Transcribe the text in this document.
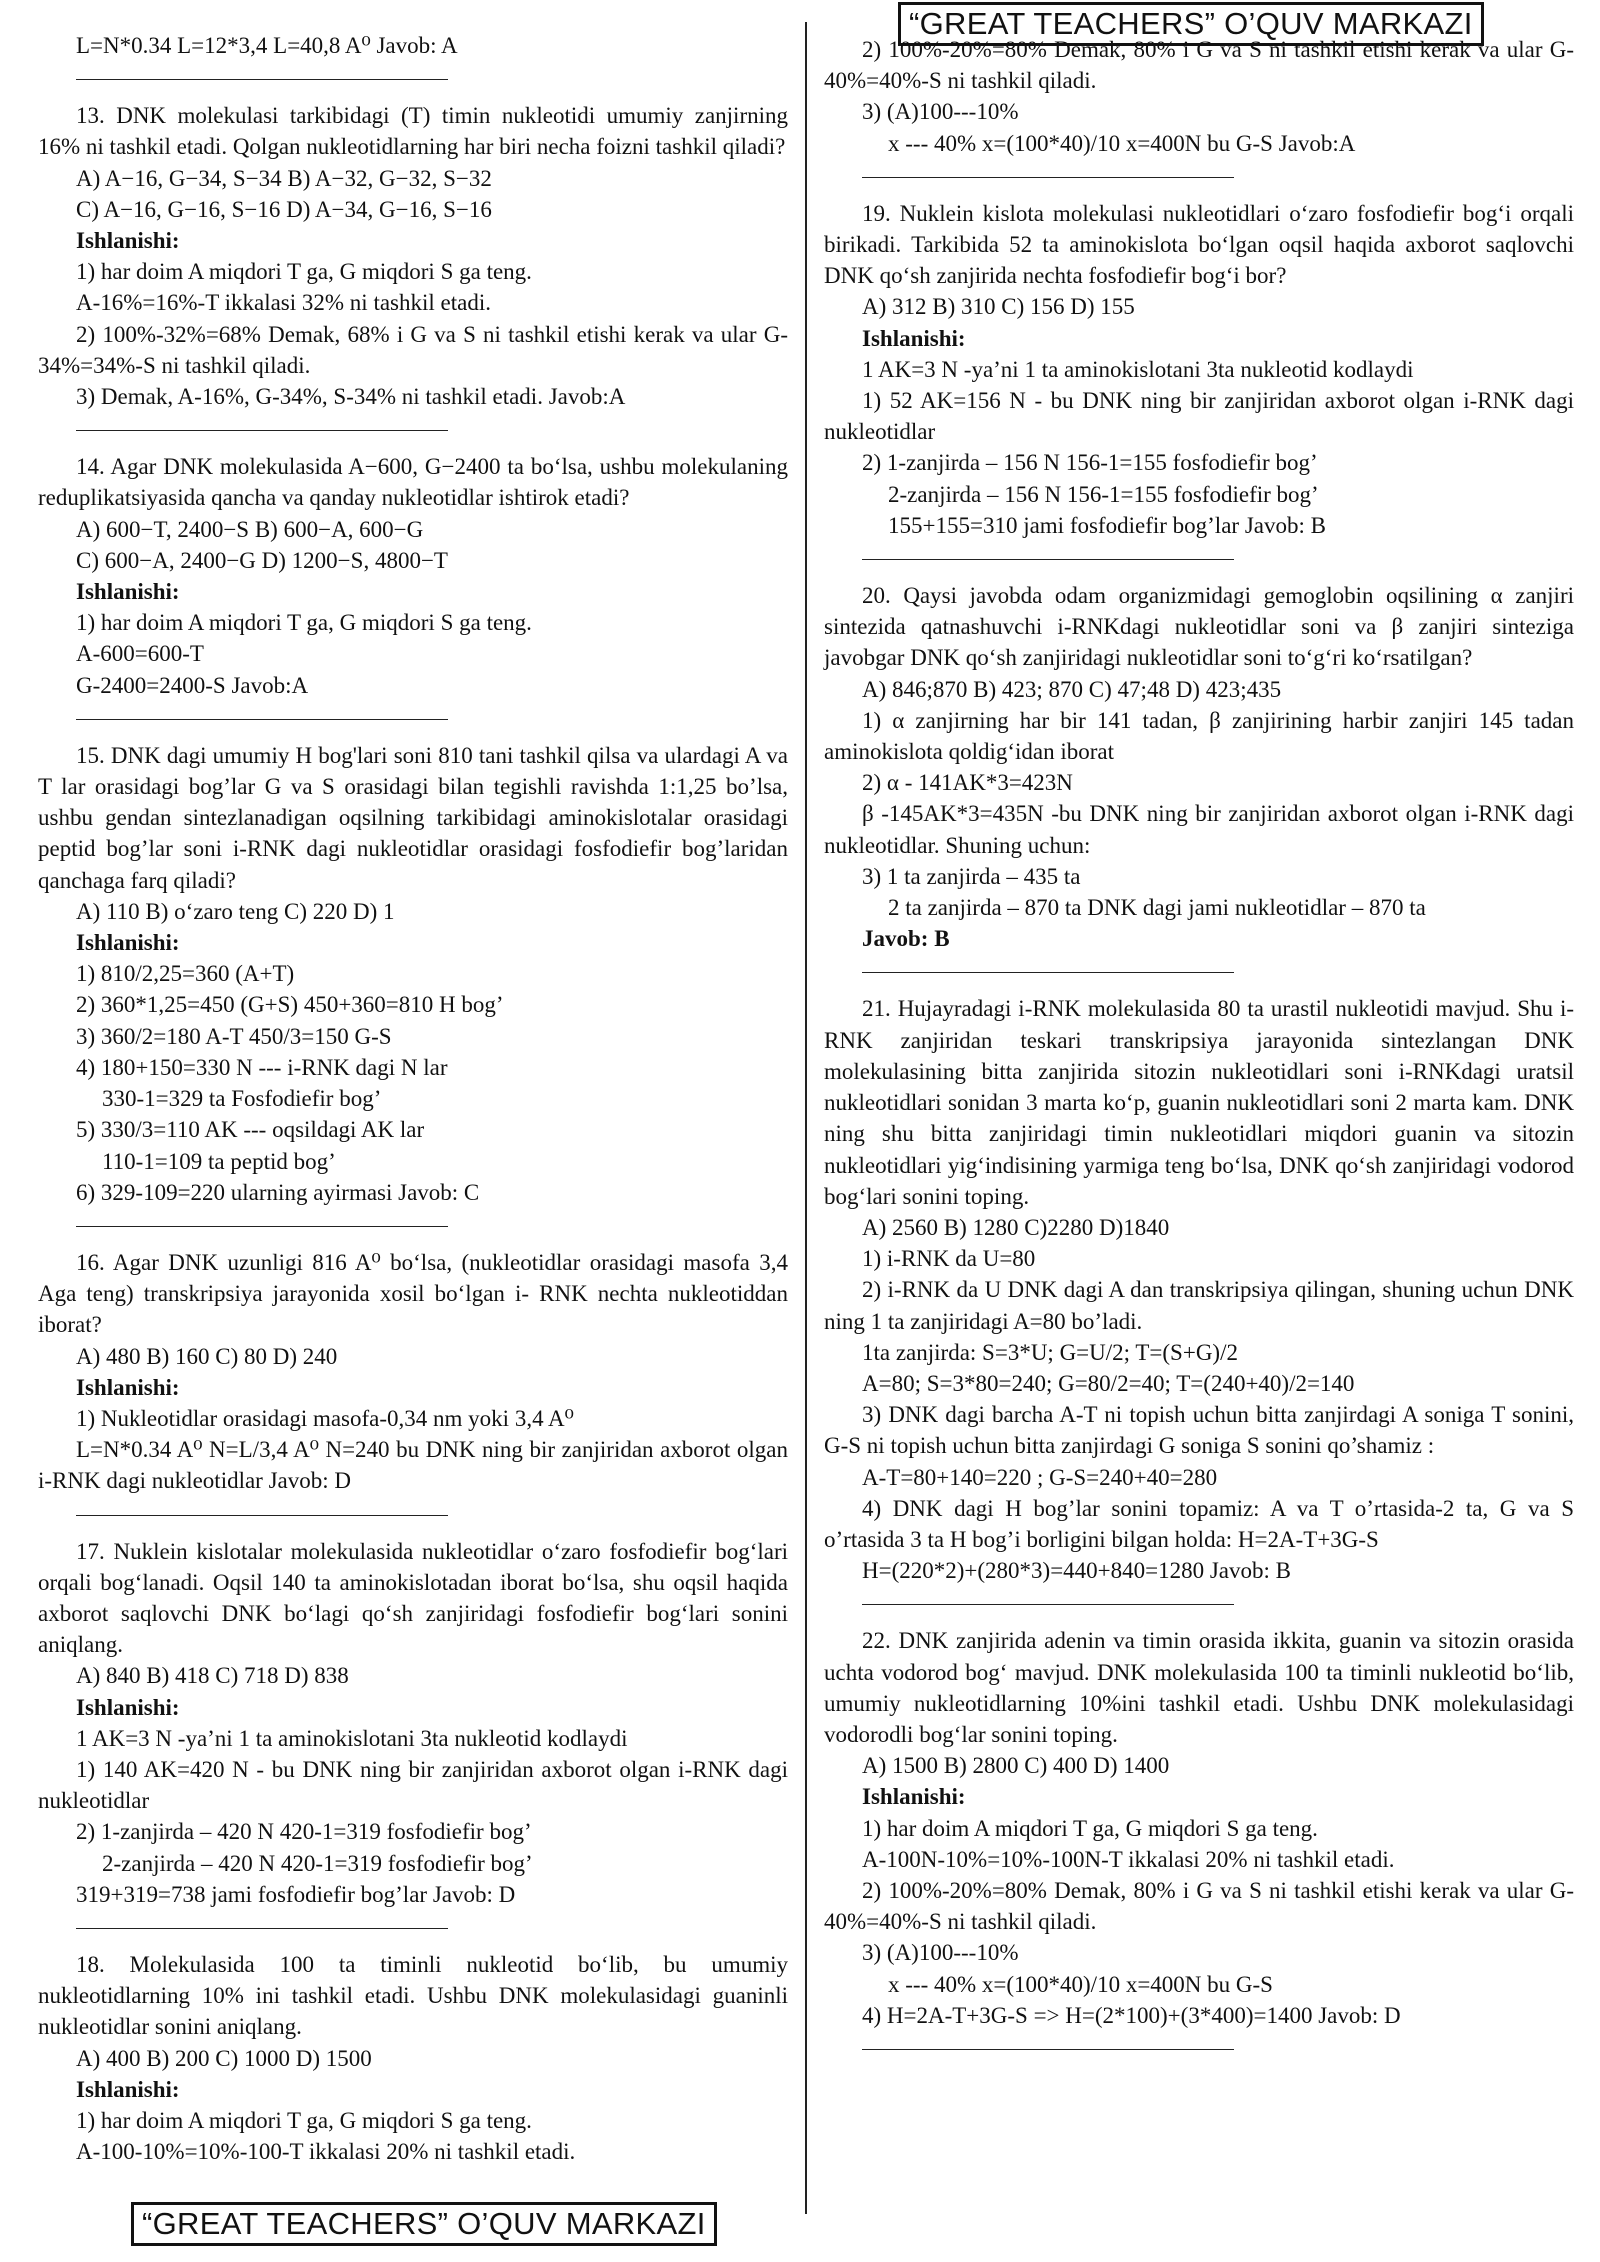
“GREAT TEACHERS” O’QUV MARKAZI

L=N*0.34 L=12*3,4 L=40,8 A⁰ Javob: A

13. DNK molekulasi tarkibidagi (T) timin nukleotidi umumiy zanjirning 16% ni tashkil etadi. Qolgan nukleotidlarning har biri necha foizni tashkil qiladi?

A) A−16, G−34, S−34 B) A−32, G−32, S−32

C) A−16, G−16, S−16 D) A−34, G−16, S−16

Ishlanishi:

1) har doim A miqdori T ga, G miqdori S ga teng.

A-16%=16%-T ikkalasi 32% ni tashkil etadi.

2) 100%-32%=68% Demak, 68% i G va S ni tashkil etishi kerak va ular G-34%=34%-S ni tashkil qiladi.

3) Demak, A-16%, G-34%, S-34% ni tashkil etadi. Javob:A

14. Agar DNK molekulasida A−600, G−2400 ta bo‘lsa, ushbu molekulaning reduplikatsiyasida qancha va qanday nukleotidlar ishtirok etadi?

A) 600−T, 2400−S B) 600−A, 600−G

C) 600−A, 2400−G D) 1200−S, 4800−T

Ishlanishi:

1) har doim A miqdori T ga, G miqdori S ga teng.

A-600=600-T

G-2400=2400-S Javob:A

15. DNK dagi umumiy H bog'lari soni 810 tani tashkil qilsa va ulardagi A va T lar orasidagi bog’lar G va S orasidagi bilan tegishli ravishda 1:1,25 bo’lsa, ushbu gendan sintezlanadigan oqsilning tarkibidagi aminokislotalar orasidagi peptid bog’lar soni i-RNK dagi nukleotidlar orasidagi fosfodiefir bog’laridan qanchaga farq qiladi?

A) 110 B) o‘zaro teng C) 220 D) 1

Ishlanishi:

1) 810/2,25=360 (A+T)

2) 360*1,25=450 (G+S) 450+360=810 H bog’

3) 360/2=180 A-T 450/3=150 G-S

4) 180+150=330 N --- i-RNK dagi N lar

330-1=329 ta Fosfodiefir bog’

5) 330/3=110 AK --- oqsildagi AK lar

110-1=109 ta peptid bog’

6) 329-109=220 ularning ayirmasi Javob: C

16. Agar DNK uzunligi 816 A⁰ bo‘lsa, (nukleotidlar orasidagi masofa 3,4 Aga teng) transkripsiya jarayonida xosil bo‘lgan i- RNK nechta nukleotiddan iborat?

A) 480 B) 160 C) 80 D) 240

Ishlanishi:

1) Nukleotidlar orasidagi masofa-0,34 nm yoki 3,4 A⁰

L=N*0.34 A⁰ N=L/3,4 A⁰ N=240 bu DNK ning bir zanjiridan axborot olgan i-RNK dagi nukleotidlar Javob: D

17. Nuklein kislotalar molekulasida nukleotidlar o‘zaro fosfodiefir bog‘lari orqali bog‘lanadi. Oqsil 140 ta aminokislotadan iborat bo‘lsa, shu oqsil haqida axborot saqlovchi DNK bo‘lagi qo‘sh zanjiridagi fosfodiefir bog‘lari sonini aniqlang.

A) 840 B) 418 C) 718 D) 838

Ishlanishi:

1 AK=3 N -ya’ni 1 ta aminokislotani 3ta nukleotid kodlaydi

1) 140 AK=420 N - bu DNK ning bir zanjiridan axborot olgan i-RNK dagi nukleotidlar

2) 1-zanjirda – 420 N 420-1=319 fosfodiefir bog’

2-zanjirda – 420 N 420-1=319 fosfodiefir bog’

319+319=738 jami fosfodiefir bog’lar Javob: D

18. Molekulasida 100 ta timinli nukleotid bo‘lib, bu umumiy nukleotidlarning 10% ini tashkil etadi. Ushbu DNK molekulasidagi guaninli nukleotidlar sonini aniqlang.

A) 400 B) 200 C) 1000 D) 1500

Ishlanishi:

1) har doim A miqdori T ga, G miqdori S ga teng.

A-100-10%=10%-100-T ikkalasi 20% ni tashkil etadi.

2) 100%-20%=80% Demak, 80% i G va S ni tashkil etishi kerak va ular G-40%=40%-S ni tashkil qiladi.

3) (A)100---10%

x --- 40% x=(100*40)/10 x=400N bu G-S Javob:A

19. Nuklein kislota molekulasi nukleotidlari o‘zaro fosfodiefir bog‘i orqali birikadi. Tarkibida 52 ta aminokislota bo‘lgan oqsil haqida axborot saqlovchi DNK qo‘sh zanjirida nechta fosfodiefir bog‘i bor?

A) 312 B) 310 C) 156 D) 155

Ishlanishi:

1 AK=3 N -ya’ni 1 ta aminokislotani 3ta nukleotid kodlaydi

1) 52 AK=156 N - bu DNK ning bir zanjiridan axborot olgan i-RNK dagi nukleotidlar

2) 1-zanjirda – 156 N 156-1=155 fosfodiefir bog’

2-zanjirda – 156 N 156-1=155 fosfodiefir bog’

155+155=310 jami fosfodiefir bog’lar Javob: B

20. Qaysi javobda odam organizmidagi gemoglobin oqsilining α zanjiri sintezida qatnashuvchi i-RNKdagi nukleotidlar soni va β zanjiri sinteziga javobgar DNK qo‘sh zanjiridagi nukleotidlar soni to‘g‘ri ko‘rsatilgan?

A) 846;870 B) 423; 870 C) 47;48 D) 423;435

1) α zanjirning har bir 141 tadan, β zanjirining harbir zanjiri 145 tadan aminokislota qoldig‘idan iborat

2) α - 141AK*3=423N

β -145AK*3=435N -bu DNK ning bir zanjiridan axborot olgan i-RNK dagi nukleotidlar. Shuning uchun:

3) 1 ta zanjirda – 435 ta

2 ta zanjirda – 870 ta DNK dagi jami nukleotidlar – 870 ta

Javob: B

21. Hujayradagi i-RNK molekulasida 80 ta urastil nukleotidi mavjud. Shu i-RNK zanjiridan teskari transkripsiya jarayonida sintezlangan DNK molekulasining bitta zanjirida sitozin nukleotidlari soni i-RNKdagi uratsil nukleotidlari sonidan 3 marta ko‘p, guanin nukleotidlari soni 2 marta kam. DNK ning shu bitta zanjiridagi timin nukleotidlari miqdori guanin va sitozin nukleotidlari yig‘indisining yarmiga teng bo‘lsa, DNK qo‘sh zanjiridagi vodorod bog‘lari sonini toping.

A) 2560 B) 1280 C)2280 D)1840

1) i-RNK da U=80

2) i-RNK da U DNK dagi A dan transkripsiya qilingan, shuning uchun DNK ning 1 ta zanjiridagi A=80 bo’ladi.

1ta zanjirda: S=3*U; G=U/2; T=(S+G)/2

A=80; S=3*80=240; G=80/2=40; T=(240+40)/2=140

3) DNK dagi barcha A-T ni topish uchun bitta zanjirdagi A soniga T sonini, G-S ni topish uchun bitta zanjirdagi G soniga S sonini qo’shamiz :

A-T=80+140=220 ; G-S=240+40=280

4) DNK dagi H bog’lar sonini topamiz: A va T o’rtasida-2 ta, G va S o’rtasida 3 ta H bog’i borligini bilgan holda: H=2A-T+3G-S

H=(220*2)+(280*3)=440+840=1280 Javob: B

22. DNK zanjirida adenin va timin orasida ikkita, guanin va sitozin orasida uchta vodorod bog‘ mavjud. DNK molekulasida 100 ta timinli nukleotid bo‘lib, umumiy nukleotidlarning 10%ini tashkil etadi. Ushbu DNK molekulasidagi vodorodli bog‘lar sonini toping.

A) 1500 B) 2800 C) 400 D) 1400

Ishlanishi:

1) har doim A miqdori T ga, G miqdori S ga teng.

A-100N-10%=10%-100N-T ikkalasi 20% ni tashkil etadi.

2) 100%-20%=80% Demak, 80% i G va S ni tashkil etishi kerak va ular G-40%=40%-S ni tashkil qiladi.

3) (A)100---10%

x --- 40% x=(100*40)/10 x=400N bu G-S

4) H=2A-T+3G-S => H=(2*100)+(3*400)=1400 Javob: D

“GREAT TEACHERS” O’QUV MARKAZI
